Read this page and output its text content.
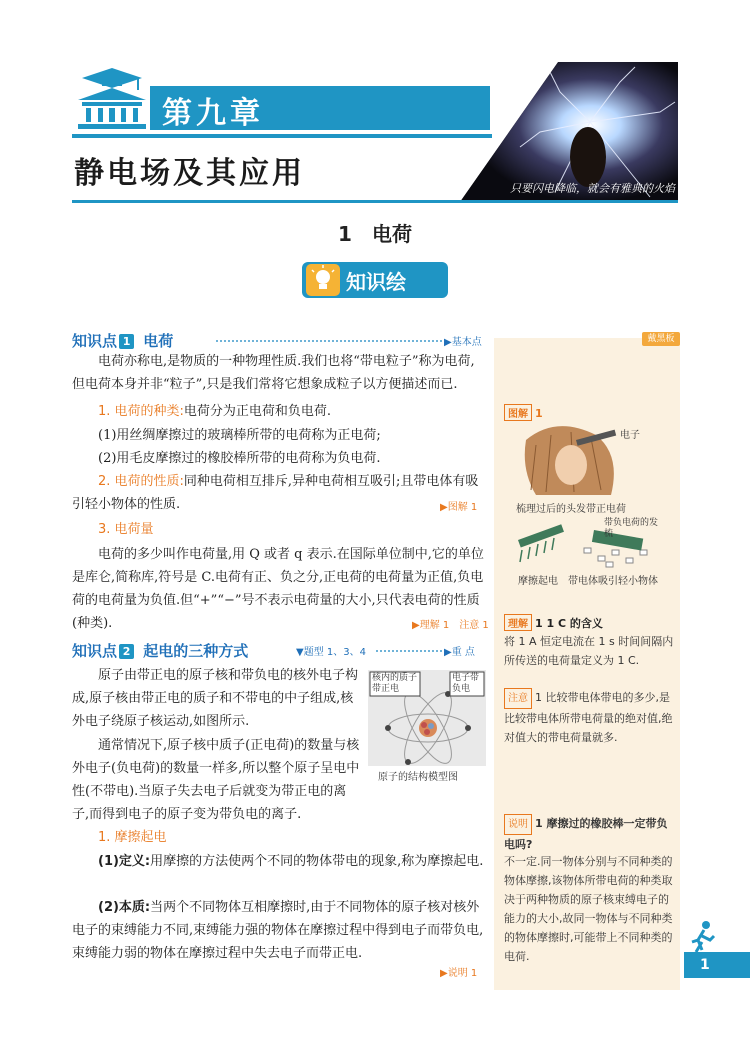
第九章
静电场及其应用	只要闪电降临，就会有雅典的火焰
1　电荷
知识绘
知识点 1 电荷	▶基本点
电荷亦称电,是物质的一种物理性质.我们也将“带电粒子”称为电荷,但电荷本身并非“粒子”,只是我们常将它想象成粒子以方便描述而已.
1. 电荷的种类:电荷分为正电荷和负电荷.
(1)用丝绸摩擦过的玻璃棒所带的电荷称为正电荷;
(2)用毛皮摩擦过的橡胶棒所带的电荷称为负电荷.
2. 电荷的性质:同种电荷相互排斥,异种电荷相互吸引;且带电体有吸引轻小物体的性质.	▶图解 1
3. 电荷量
电荷的多少叫作电荷量,用 Q 或者 q 表示.在国际单位制中,它的单位是库仑,简称库,符号是 C.电荷有正、负之分,正电荷的电荷量为正值,负电荷的电荷量为负值.但“+”“−”号不表示电荷量的大小,只代表电荷的性质(种类).	▶理解 1　注意 1
知识点 2 起电的三种方式	▼题型 1、3、4	▶重 点
原子由带正电的原子核和带负电的核外电子构成,原子核由带正电的质子和不带电的中子组成,核外电子绕原子核运动,如图所示.
通常情况下,原子核中质子(正电荷)的数量与核外电子(负电荷)的数量一样多,所以整个原子呈电中性(不带电).当原子失去电子后就变为带正电的离子,而得到电子的原子变为带负电的离子.
核内的质子带正电
电子带负电
原子的结构模型图
1. 摩擦起电
(1)定义:用摩擦的方法使两个不同的物体带电的现象,称为摩擦起电.
(2)本质:当两个不同物体互相摩擦时,由于不同物体的原子核对核外电子的束缚能力不同,束缚能力强的物体在摩擦过程中得到电子而带负电,束缚能力弱的物体在摩擦过程中失去电子而带正电.
▶说明 1
戴黑板
图解 1
电子
梳理过后的头发带正电荷
带负电荷的发梳
摩擦起电　带电体吸引轻小物体
理解 1 1 C 的含义
将 1 A 恒定电流在 1 s 时间间隔内所传送的电荷量定义为 1 C.
注意 1 比较带电体带电的多少,是比较带电体所带电荷量的绝对值,绝对值大的带电荷量就多.
说明 1 摩擦过的橡胶棒一定带负电吗?
不一定.同一物体分别与不同种类的物体摩擦,该物体所带电荷的种类取决于两种物质的原子核束缚电子的能力的大小,故同一物体与不同种类的物体摩擦时,可能带上不同种类的电荷.
1
